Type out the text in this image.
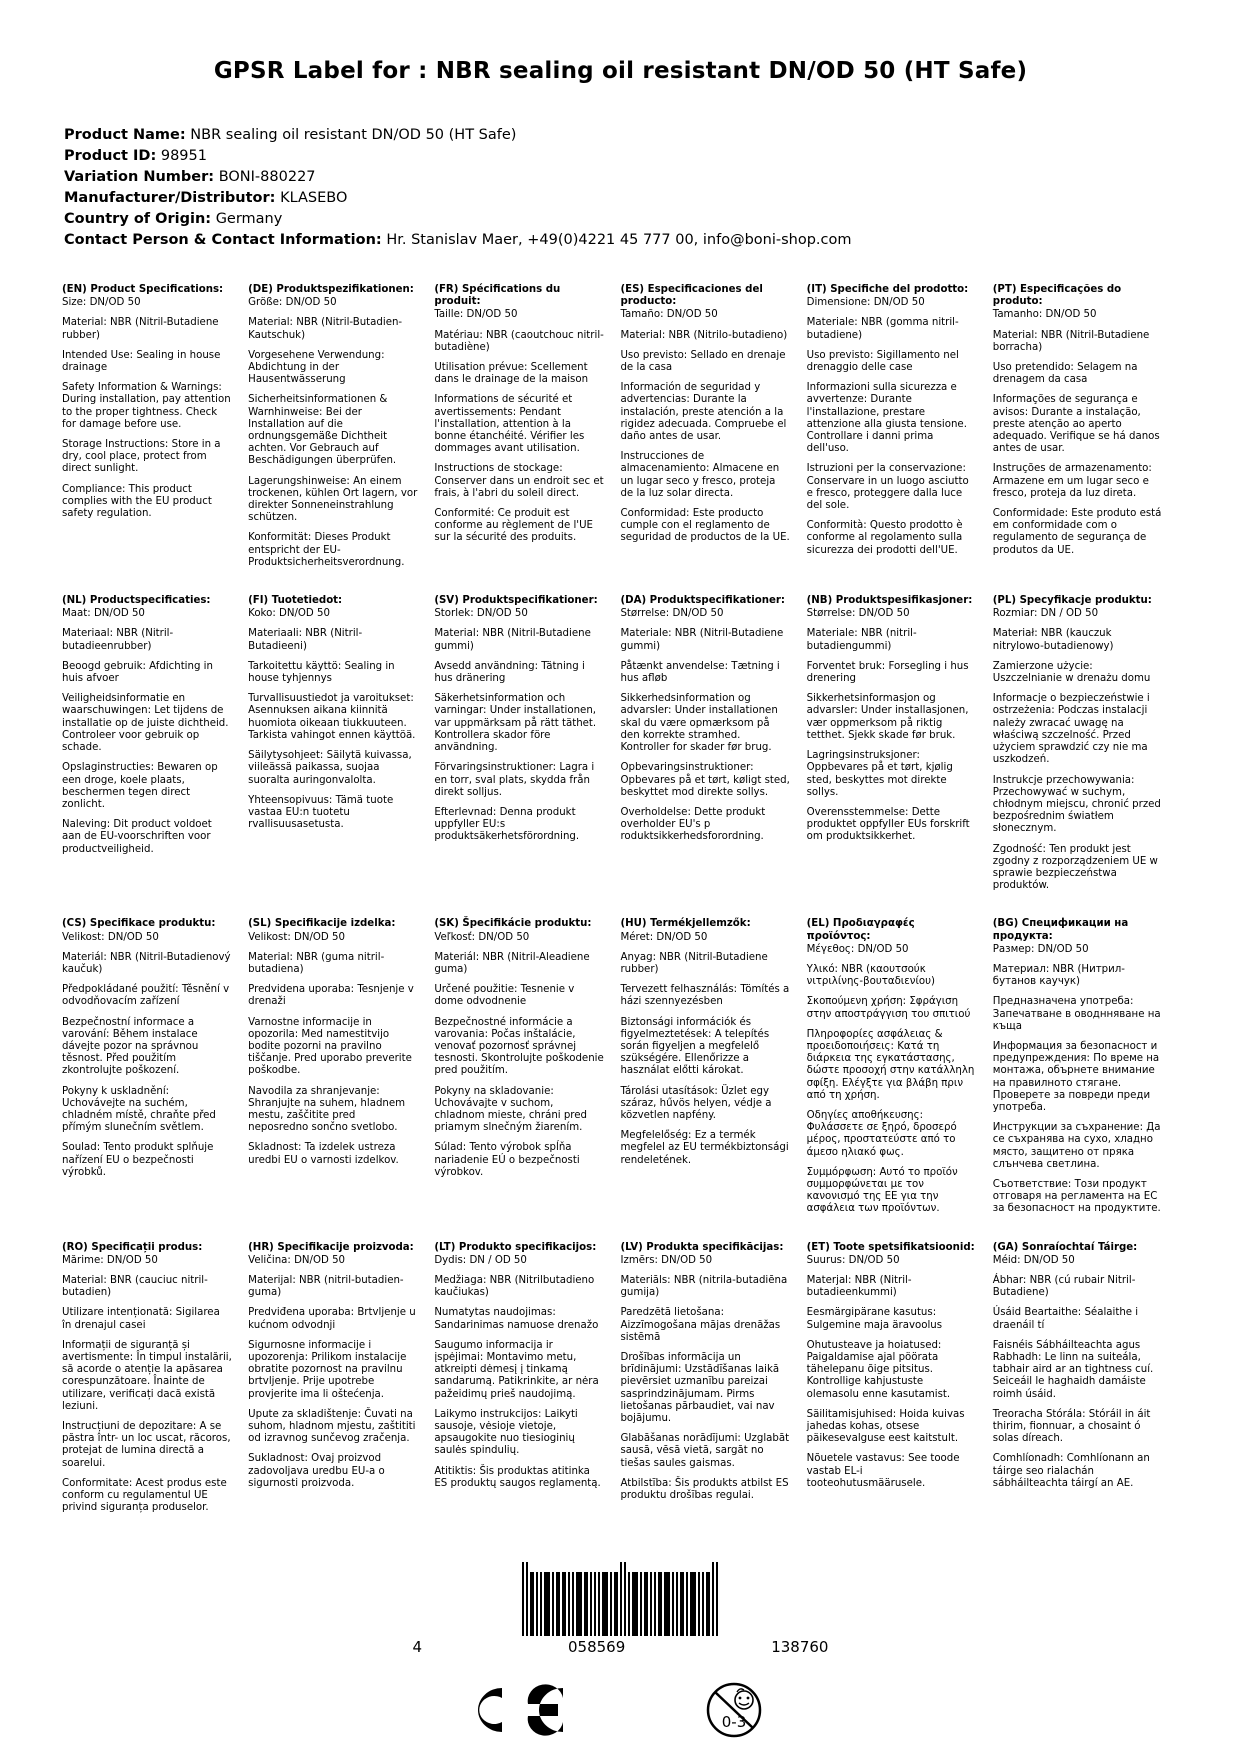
GPSR Label for : NBR sealing oil resistant DN/OD 50 (HT Safe)
Product Name: NBR sealing oil resistant DN/OD 50 (HT Safe)
Product ID: 98951
Variation Number: BONI-880227
Manufacturer/Distributor: KLASEBO
Country of Origin: Germany
Contact Person & Contact Information: Hr. Stanislav Maer, +49(0)4221 45 777 00, info@boni-shop.com
(EN) Product Specifications:
Size: DN/OD 50
Material: NBR (Nitril-Butadiene rubber)
Intended Use: Sealing in house drainage
Safety Information & Warnings: During installation, pay attention to the proper tightness. Check for damage before use.
Storage Instructions: Store in a dry, cool place, protect from direct sunlight.
Compliance: This product complies with the EU product safety regulation.
(DE) Produktspezifikationen:
Größe: DN/OD 50
Material: NBR (Nitril-Butadien-Kautschuk)
Vorgesehene Verwendung: Abdichtung in der Hausentwässerung
Sicherheitsinformationen & Warnhinweise: Bei der Installation auf die ordnungsgemäße Dichtheit achten. Vor Gebrauch auf Beschädigungen überprüfen.
Lagerungshinweise: An einem trockenen, kühlen Ort lagern, vor direkter Sonneneinstrahlung schützen.
Konformität: Dieses Produkt entspricht der EU-Produktsicherheitsverordnung.
(FR) Spécifications du produit:
Taille: DN/OD 50
Matériau: NBR (caoutchouc nitril-butadiène)
Utilisation prévue: Scellement dans le drainage de la maison
Informations de sécurité et avertissements: Pendant l'installation, attention à la bonne étanchéité. Vérifier les dommages avant utilisation.
Instructions de stockage: Conserver dans un endroit sec et frais, à l'abri du soleil direct.
Conformité: Ce produit est conforme au règlement de l'UE sur la sécurité des produits.
(ES) Especificaciones del producto:
Tamaño: DN/OD 50
Material: NBR (Nitrilo-butadieno)
Uso previsto: Sellado en drenaje de la casa
Información de seguridad y advertencias: Durante la instalación, preste atención a la rigidez adecuada. Compruebe el daño antes de usar.
Instrucciones de almacenamiento: Almacene en un lugar seco y fresco, proteja de la luz solar directa.
Conformidad: Este producto cumple con el reglamento de seguridad de productos de la UE.
(IT) Specifiche del prodotto:
Dimensione: DN/OD 50
Materiale: NBR (gomma nitril-butadiene)
Uso previsto: Sigillamento nel drenaggio delle case
Informazioni sulla sicurezza e avvertenze: Durante l'installazione, prestare attenzione alla giusta tensione. Controllare i danni prima dell'uso.
Istruzioni per la conservazione: Conservare in un luogo asciutto e fresco, proteggere dalla luce del sole.
Conformità: Questo prodotto è conforme al regolamento sulla sicurezza dei prodotti dell'UE.
(PT) Especificações do produto:
Tamanho: DN/OD 50
Material: NBR (Nitril-Butadiene borracha)
Uso pretendido: Selagem na drenagem da casa
Informações de segurança e avisos: Durante a instalação, preste atenção ao aperto adequado. Verifique se há danos antes de usar.
Instruções de armazenamento: Armazene em um lugar seco e fresco, proteja da luz direta.
Conformidade: Este produto está em conformidade com o regulamento de segurança de produtos da UE.
(NL) Productspecificaties:
Maat: DN/OD 50
Materiaal: NBR (Nitril-butadieenrubber)
Beoogd gebruik: Afdichting in huis afvoer
Veiligheidsinformatie en waarschuwingen: Let tijdens de installatie op de juiste dichtheid. Controleer voor gebruik op schade.
Opslaginstructies: Bewaren op een droge, koele plaats, beschermen tegen direct zonlicht.
Naleving: Dit product voldoet aan de EU-voorschriften voor productveiligheid.
(FI) Tuotetiedot:
Koko: DN/OD 50
Materiaali: NBR (Nitril-Butadieeni)
Tarkoitettu käyttö: Sealing in house tyhjennys
Turvallisuustiedot ja varoitukset: Asennuksen aikana kiinnitä huomiota oikeaan tiukkuuteen. Tarkista vahingot ennen käyttöä.
Säilytysohjeet: Säilytä kuivassa, viileässä paikassa, suojaa suoralta auringonvalolta.
Yhteensopivuus: Tämä tuote vastaa EU:n tuotetu rvallisuusasetusta.
(SV) Produktspecifikationer:
Storlek: DN/OD 50
Material: NBR (Nitril-Butadiene gummi)
Avsedd användning: Tätning i hus dränering
Säkerhetsinformation och varningar: Under installationen, var uppmärksam på rätt täthet. Kontrollera skador före användning.
Förvaringsinstruktioner: Lagra i en torr, sval plats, skydda från direkt solljus.
Efterlevnad: Denna produkt uppfyller EU:s produktsäkerhetsförordning.
(DA) Produktspecifikationer:
Størrelse: DN/OD 50
Materiale: NBR (Nitril-Butadiene gummi)
Påtænkt anvendelse: Tætning i hus afløb
Sikkerhedsinformation og advarsler: Under installationen skal du være opmærksom på den korrekte stramhed. Kontroller for skader før brug.
Opbevaringsinstruktioner: Opbevares på et tørt, køligt sted, beskyttet mod direkte sollys.
Overholdelse: Dette produkt overholder EU's p roduktsikkerhedsforordning.
(NB) Produktspesifikasjoner:
Størrelse: DN/OD 50
Materiale: NBR (nitril-butadiengummi)
Forventet bruk: Forsegling i hus drenering
Sikkerhetsinformasjon og advarsler: Under installasjonen, vær oppmerksom på riktig tetthet. Sjekk skade før bruk.
Lagringsinstruksjoner: Oppbevares på et tørt, kjølig sted, beskyttes mot direkte sollys.
Overensstemmelse: Dette produktet oppfyller EUs forskrift om produktsikkerhet.
(PL) Specyfikacje produktu:
Rozmiar: DN / OD 50
Materiał: NBR (kauczuk nitrylowo-butadienowy)
Zamierzone użycie: Uszczelnianie w drenażu domu
Informacje o bezpieczeństwie i ostrzeżenia: Podczas instalacji należy zwracać uwagę na właściwą szczelność. Przed użyciem sprawdzić czy nie ma uszkodzeń.
Instrukcje przechowywania: Przechowywać w suchym, chłodnym miejscu, chronić przed bezpośrednim światłem słonecznym.
Zgodność: Ten produkt jest zgodny z rozporządzeniem UE w sprawie bezpieczeństwa produktów.
(CS) Specifikace produktu:
Velikost: DN/OD 50
Materiál: NBR (Nitril-Butadienový kaučuk)
Předpokládané použití: Těsnění v odvodňovacím zařízení
Bezpečnostní informace a varování: Během instalace dávejte pozor na správnou těsnost. Před použitím zkontrolujte poškození.
Pokyny k uskladnění: Uchovávejte na suchém, chladném místě, chraňte před přímým slunečním světlem.
Soulad: Tento produkt splňuje nařízení EU o bezpečnosti výrobků.
(SL) Specifikacije izdelka:
Velikost: DN/OD 50
Material: NBR (guma nitril-butadiena)
Predvidena uporaba: Tesnjenje v drenaži
Varnostne informacije in opozorila: Med namestitvijo bodite pozorni na pravilno tiščanje. Pred uporabo preverite poškodbe.
Navodila za shranjevanje: Shranjujte na suhem, hladnem mestu, zaščitite pred neposredno sončno svetlobo.
Skladnost: Ta izdelek ustreza uredbi EU o varnosti izdelkov.
(SK) Špecifikácie produktu:
Veľkosť: DN/OD 50
Materiál: NBR (Nitril-Aleadiene guma)
Určené použitie: Tesnenie v dome odvodnenie
Bezpečnostné informácie a varovania: Počas inštalácie, venovať pozornosť správnej tesnosti. Skontrolujte poškodenie pred použitím.
Pokyny na skladovanie: Uchovávajte v suchom, chladnom mieste, chráni pred priamym slnečným žiarením.
Súlad: Tento výrobok spĺňa nariadenie EÚ o bezpečnosti výrobkov.
(HU) Termékjellemzők:
Méret: DN/OD 50
Anyag: NBR (Nitril-Butadiene rubber)
Tervezett felhasználás: Tömítés a házi szennyezésben
Biztonsági információk és figyelmeztetések: A telepítés során figyeljen a megfelelő szükségére. Ellenőrizze a használat előtti károkat.
Tárolási utasítások: Üzlet egy száraz, hűvös helyen, védje a közvetlen napfény.
Megfelelőség: Ez a termék megfelel az EU termékbiztonsági rendeletének.
(EL) Προδιαγραφές προϊόντος:
Μέγεθος: DN/OD 50
Υλικό: NBR (καουτσούκ νιτριλίνης-βουταδιενίου)
Σκοπούμενη χρήση: Σφράγιση στην αποστράγγιση του σπιτιού
Πληροφορίες ασφάλειας & προειδοποιήσεις: Κατά τη διάρκεια της εγκατάστασης, δώστε προσοχή στην κατάλληλη σφίξη. Ελέγξτε για βλάβη πριν από τη χρήση.
Οδηγίες αποθήκευσης: Φυλάσσετε σε ξηρό, δροσερό μέρος, προστατεύστε από το άμεσο ηλιακό φως.
Συμμόρφωση: Αυτό το προϊόν συμμορφώνεται με τον κανονισμό της ΕΕ για την ασφάλεια των προϊόντων.
(BG) Спецификации на продукта:
Размер: DN/OD 50
Материал: NBR (Нитрил-бутанов каучук)
Предназначена употреба: Запечатване в оводнняване на къща
Информация за безопасност и предупреждения: По време на монтажа, обърнете внимание на правилното стягане. Проверете за повреди преди употреба.
Инструкции за съхранение: Да се съхранява на сухо, хладно място, защитено от пряка слънчева светлина.
Съответствие: Този продукт отговаря на регламента на ЕС за безопасност на продуктите.
(RO) Specificații produs:
Mărime: DN/OD 50
Material: BNR (cauciuc nitril-butadien)
Utilizare intenționată: Sigilarea în drenajul casei
Informații de siguranță și avertismente: În timpul instalării, să acorde o atenție la apăsarea corespunzătoare. Înainte de utilizare, verificați dacă există leziuni.
Instrucțiuni de depozitare: A se păstra într- un loc uscat, răcoros, protejat de lumina directă a soarelui.
Conformitate: Acest produs este conform cu regulamentul UE privind siguranța produselor.
(HR) Specifikacije proizvoda:
Veličina: DN/OD 50
Materijal: NBR (nitril-butadien-guma)
Predviđena uporaba: Brtvljenje u kućnom odvodnji
Sigurnosne informacije i upozorenja: Prilikom instalacije obratite pozornost na pravilnu brtvljenje. Prije upotrebe provjerite ima li oštećenja.
Upute za skladištenje: Čuvati na suhom, hladnom mjestu, zaštititi od izravnog sunčevog zračenja.
Sukladnost: Ovaj proizvod zadovoljava uredbu EU-a o sigurnosti proizvoda.
(LT) Produkto specifikacijos:
Dydis: DN / OD 50
Medžiaga: NBR (Nitrilbutadieno kaučiukas)
Numatytas naudojimas: Sandarinimas namuose drenažo
Saugumo informacija ir įspėjimai: Montavimo metu, atkreipti dėmesį į tinkamą sandarumą. Patikrinkite, ar nėra pažeidimų prieš naudojimą.
Laikymo instrukcijos: Laikyti sausoje, vėsioje vietoje, apsaugokite nuo tiesioginių saulės spindulių.
Atitiktis: Šis produktas atitinka ES produktų saugos reglamentą.
(LV) Produkta specifikācijas:
Izmērs: DN/OD 50
Materiāls: NBR (nitrila-butadiēna gumija)
Paredzētā lietošana: Aizzīmogošana mājas drenāžas sistēmā
Drošības informācija un brīdinājumi: Uzstādīšanas laikā pievērsiet uzmanību pareizai sasprindzinājumam. Pirms lietošanas pārbaudiet, vai nav bojājumu.
Glabāšanas norādījumi: Uzglabāt sausā, vēsā vietā, sargāt no tiešas saules gaismas.
Atbilstība: Šis produkts atbilst ES produktu drošības regulai.
(ET) Toote spetsifikatsioonid:
Suurus: DN/OD 50
Materjal: NBR (Nitril-butadieenkummi)
Eesmärgipärane kasutus: Sulgemine maja äravoolus
Ohutusteave ja hoiatused: Paigaldamise ajal pöörata tähelepanu õige pitsitus. Kontrollige kahjustuste olemasolu enne kasutamist.
Säilitamisjuhised: Hoida kuivas jahedas kohas, otsese päikesevalguse eest kaitstult.
Nõuetele vastavus: See toode vastab EL-i tooteohutusmäärusele.
(GA) Sonraíochtaí Táirge:
Méid: DN/OD 50
Ábhar: NBR (cú rubair Nitril-Butadiene)
Úsáid Beartaithe: Séalaithe i draenáil tí
Faisnéis Sábháilteachta agus Rabhadh: Le linn na suiteála, tabhair aird ar an tightness cuí. Seiceáil le haghaidh damáiste roimh úsáid.
Treoracha Stórála: Stóráil in áit thirim, fionnuar, a chosaint ó solas díreach.
Comhlíonadh: Comhlíonann an táirge seo rialachán sábháilteachta táirgí an AE.
4	058569	138760
0-3
